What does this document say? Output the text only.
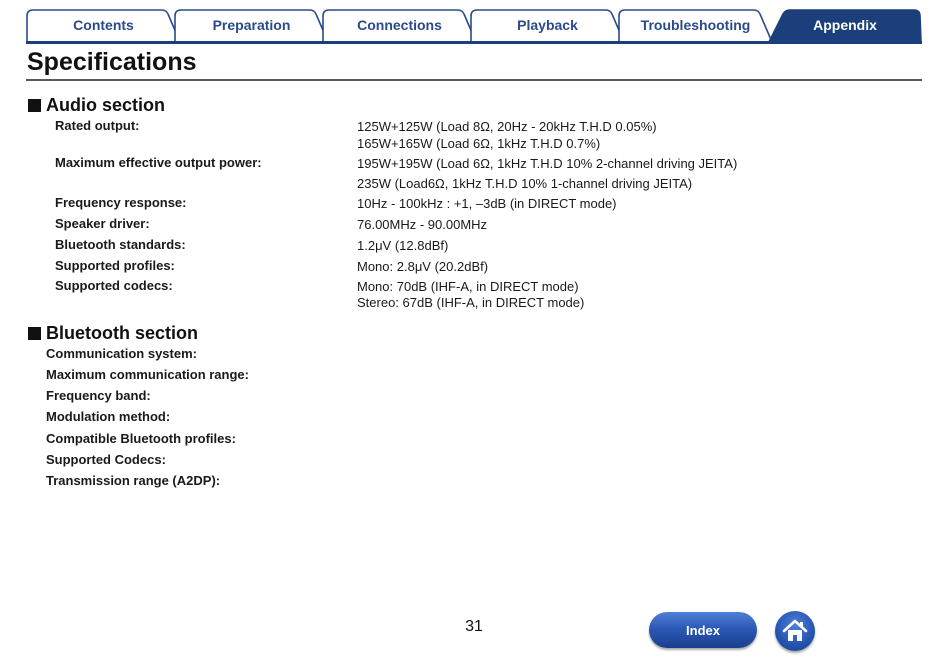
Contents	Preparation	Connections	Playback	Troubleshooting	Appendix
Specifications
Audio section
Rated output:	125W+125W (Load 8Ω, 20Hz - 20kHz T.H.D 0.05%)
165W+165W (Load 6Ω, 1kHz T.H.D 0.7%)
Maximum effective output power:	195W+195W (Load 6Ω, 1kHz T.H.D 10% 2-channel driving JEITA)
235W (Load6Ω, 1kHz T.H.D 10% 1-channel driving JEITA)
Frequency response:	10Hz - 100kHz : +1, –3dB (in DIRECT mode)
Speaker driver:	76.00MHz - 90.00MHz
Bluetooth standards:	1.2μV (12.8dBf)
Supported profiles:	Mono: 2.8μV (20.2dBf)
Supported codecs:	Mono: 70dB (IHF-A, in DIRECT mode)
Stereo: 67dB (IHF-A, in DIRECT mode)
Bluetooth section
Communication system:
Maximum communication range:
Frequency band:
Modulation method:
Compatible Bluetooth profiles:
Supported Codecs:
Transmission range (A2DP):
31	Index
